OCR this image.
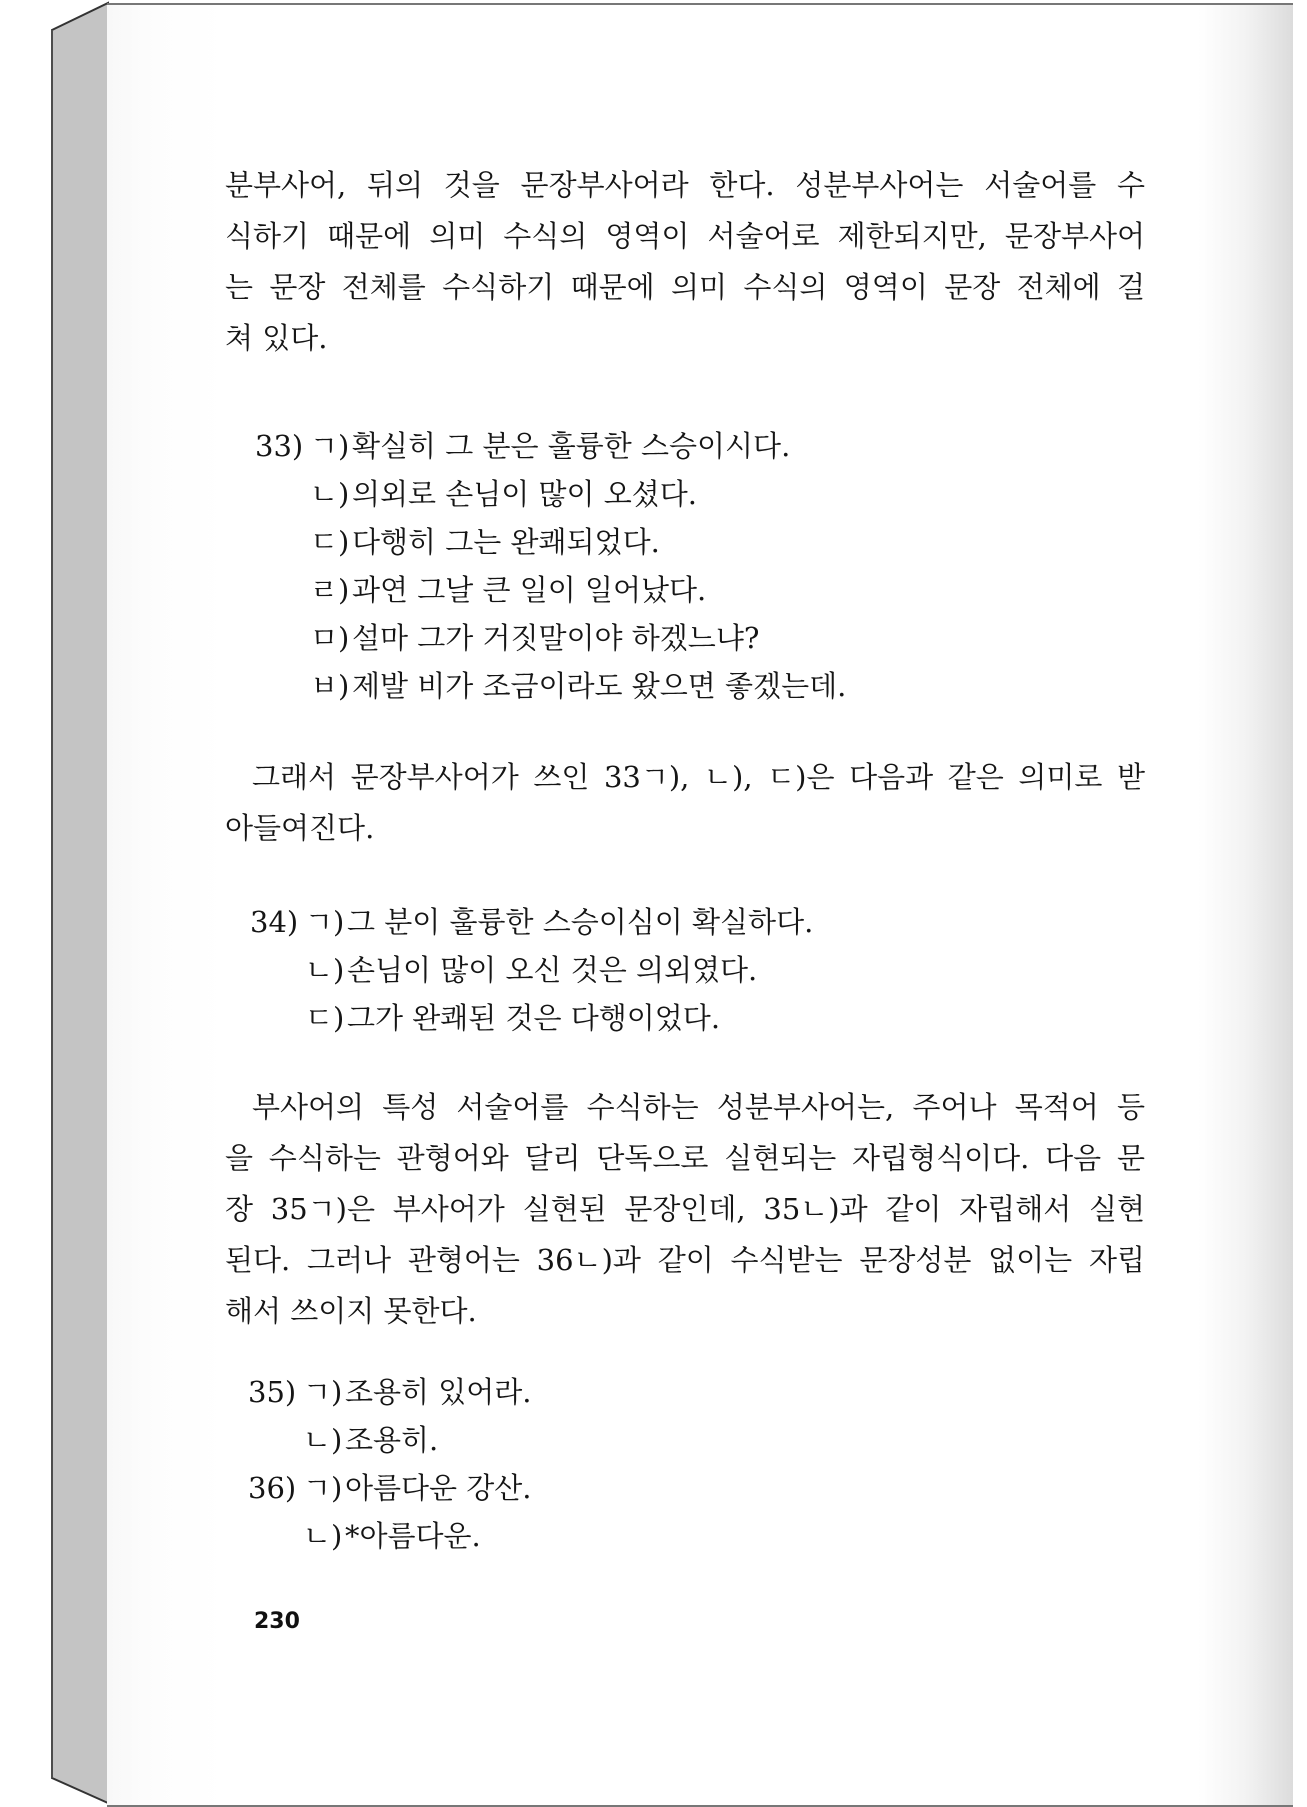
분부사어, 뒤의 것을 문장부사어라 한다. 성분부사어는 서술어를 수
식하기 때문에 의미 수식의 영역이 서술어로 제한되지만, 문장부사어
는 문장 전체를 수식하기 때문에 의미 수식의 영역이 문장 전체에 걸
쳐 있다.
33) ㄱ) 확실히 그 분은 훌륭한 스승이시다.
ㄴ) 의외로 손님이 많이 오셨다.
ㄷ) 다행히 그는 완쾌되었다.
ㄹ) 과연 그날 큰 일이 일어났다.
ㅁ) 설마 그가 거짓말이야 하겠느냐?
ㅂ) 제발 비가 조금이라도 왔으면 좋겠는데.
그래서 문장부사어가 쓰인 33ㄱ), ㄴ), ㄷ)은 다음과 같은 의미로 받
아들여진다.
34) ㄱ) 그 분이 훌륭한 스승이심이 확실하다.
ㄴ) 손님이 많이 오신 것은 의외였다.
ㄷ) 그가 완쾌된 것은 다행이었다.
부사어의 특성 서술어를 수식하는 성분부사어는, 주어나 목적어 등
을 수식하는 관형어와 달리 단독으로 실현되는 자립형식이다. 다음 문
장 35ㄱ)은 부사어가 실현된 문장인데, 35ㄴ)과 같이 자립해서 실현
된다. 그러나 관형어는 36ㄴ)과 같이 수식받는 문장성분 없이는 자립
해서 쓰이지 못한다.
35) ㄱ) 조용히 있어라.
ㄴ) 조용히.
36) ㄱ) 아름다운 강산.
ㄴ) *아름다운.
230
